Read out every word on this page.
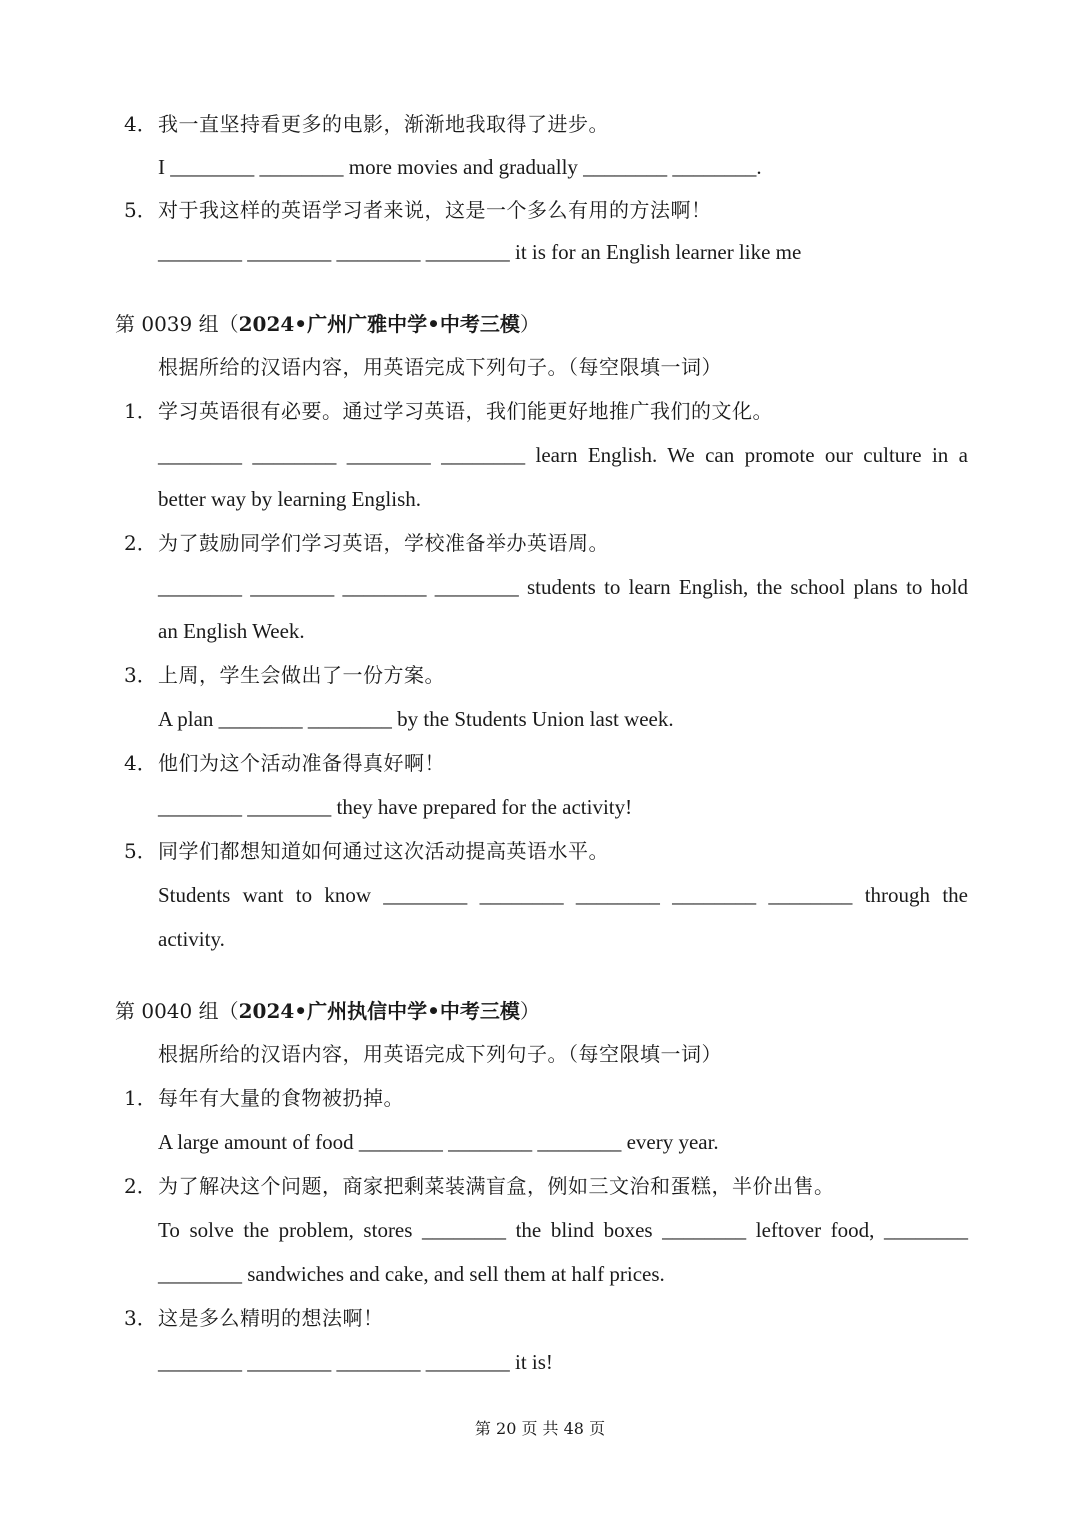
4． 我一直坚持看更多的电影，渐渐地我取得了进步。
I ________ ________ more movies and gradually ________ ________.
5． 对于我这样的英语学习者来说，这是一个多么有用的方法啊！
________ ________ ________ ________ it is for an English learner like me
第 0039 组（2024•广州广雅中学•中考三模）
根据所给的汉语内容，用英语完成下列句子。（每空限填一词）
1． 学习英语很有必要。通过学习英语，我们能更好地推广我们的文化。
________ ________ ________ ________ learn English. We can promote our culture in a
better way by learning English.
2． 为了鼓励同学们学习英语，学校准备举办英语周。
________ ________ ________ ________ students to learn English, the school plans to hold
an English Week.
3． 上周，学生会做出了一份方案。
A plan ________ ________ by the Students Union last week.
4． 他们为这个活动准备得真好啊！
________ ________ they have prepared for the activity!
5． 同学们都想知道如何通过这次活动提高英语水平。
Students want to know ________ ________ ________ ________ ________ through the
activity.
第 0040 组（2024•广州执信中学•中考三模）
根据所给的汉语内容，用英语完成下列句子。（每空限填一词）
1． 每年有大量的食物被扔掉。
A large amount of food ________ ________ ________ every year.
2． 为了解决这个问题，商家把剩菜装满盲盒，例如三文治和蛋糕，半价出售。
To solve the problem, stores ________ the blind boxes ________ leftover food, ________
________ sandwiches and cake, and sell them at half prices.
3． 这是多么精明的想法啊！
________ ________ ________ ________ it is!
第 20 页 共 48 页
